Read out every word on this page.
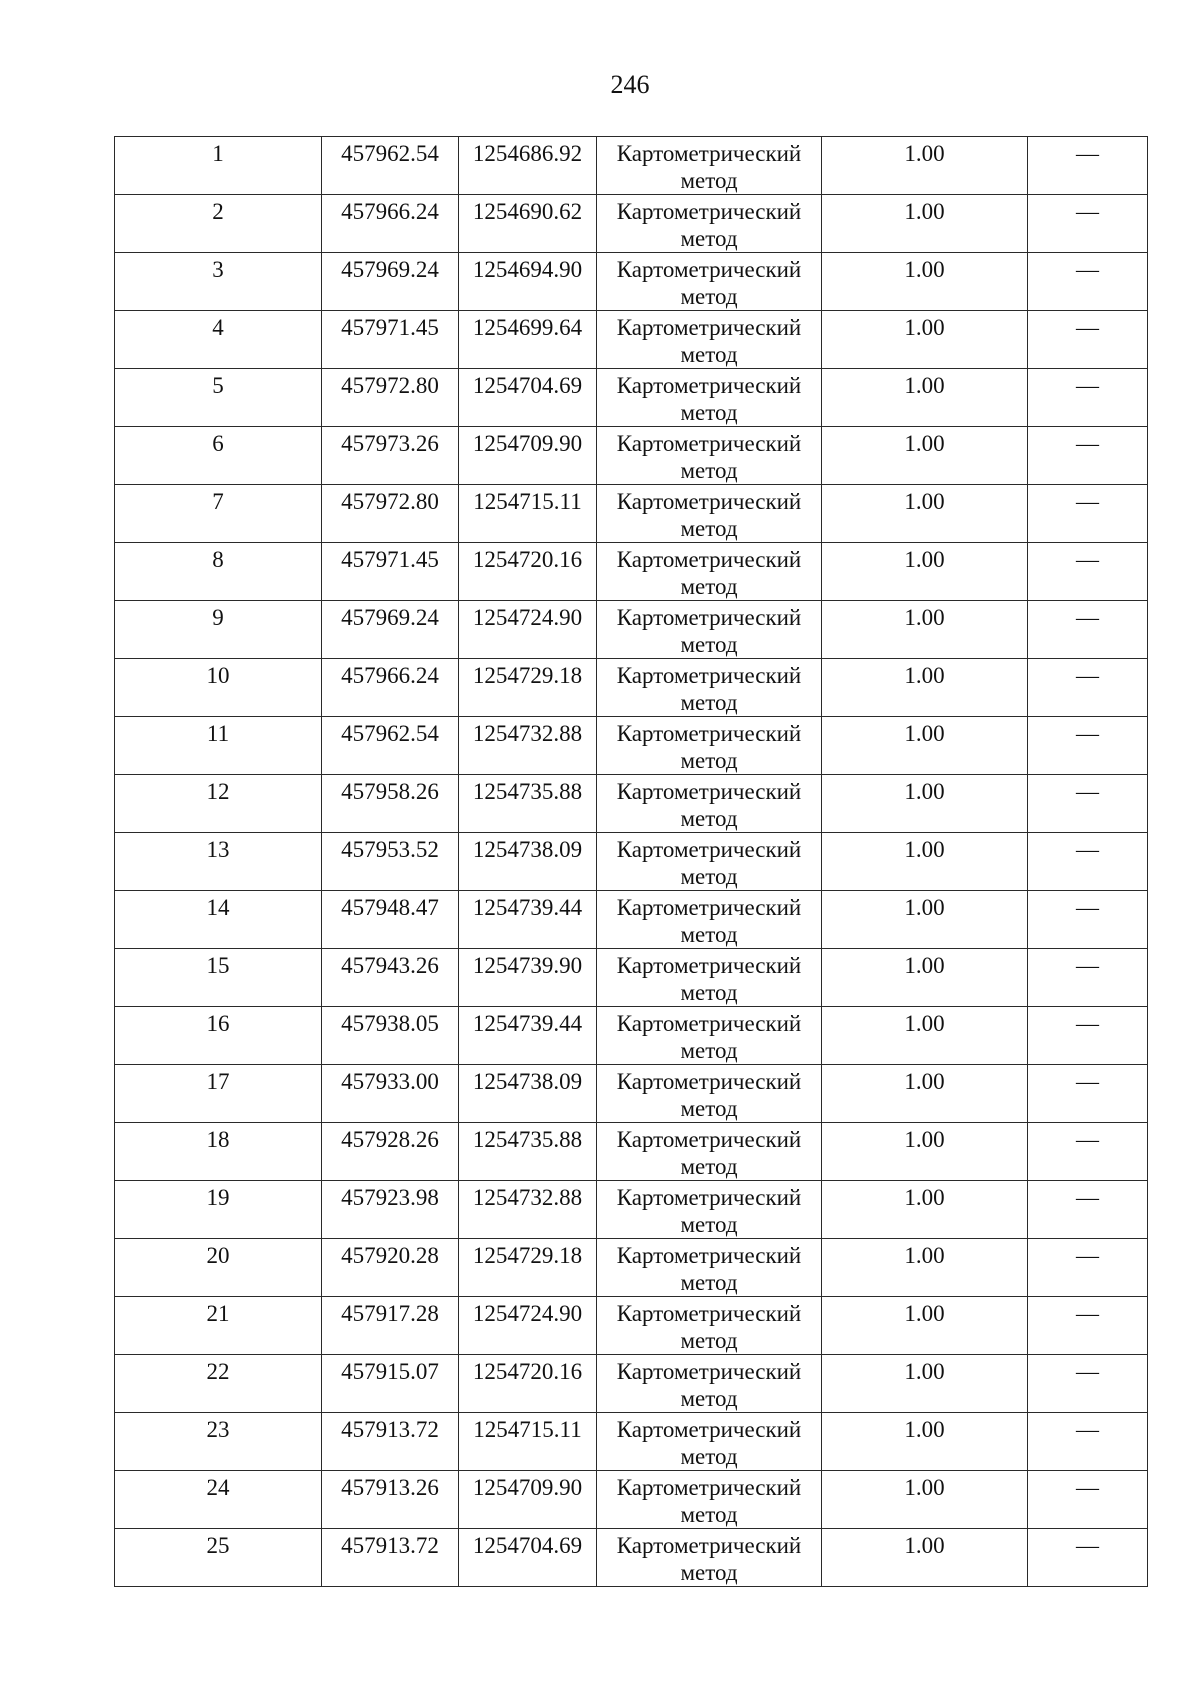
246
1	457962.54	1254686.92	Картометрический
метод	1.00	—
2	457966.24	1254690.62	Картометрический
метод	1.00	—
3	457969.24	1254694.90	Картометрический
метод	1.00	—
4	457971.45	1254699.64	Картометрический
метод	1.00	—
5	457972.80	1254704.69	Картометрический
метод	1.00	—
6	457973.26	1254709.90	Картометрический
метод	1.00	—
7	457972.80	1254715.11	Картометрический
метод	1.00	—
8	457971.45	1254720.16	Картометрический
метод	1.00	—
9	457969.24	1254724.90	Картометрический
метод	1.00	—
10	457966.24	1254729.18	Картометрический
метод	1.00	—
11	457962.54	1254732.88	Картометрический
метод	1.00	—
12	457958.26	1254735.88	Картометрический
метод	1.00	—
13	457953.52	1254738.09	Картометрический
метод	1.00	—
14	457948.47	1254739.44	Картометрический
метод	1.00	—
15	457943.26	1254739.90	Картометрический
метод	1.00	—
16	457938.05	1254739.44	Картометрический
метод	1.00	—
17	457933.00	1254738.09	Картометрический
метод	1.00	—
18	457928.26	1254735.88	Картометрический
метод	1.00	—
19	457923.98	1254732.88	Картометрический
метод	1.00	—
20	457920.28	1254729.18	Картометрический
метод	1.00	—
21	457917.28	1254724.90	Картометрический
метод	1.00	—
22	457915.07	1254720.16	Картометрический
метод	1.00	—
23	457913.72	1254715.11	Картометрический
метод	1.00	—
24	457913.26	1254709.90	Картометрический
метод	1.00	—
25	457913.72	1254704.69	Картометрический
метод	1.00	—
